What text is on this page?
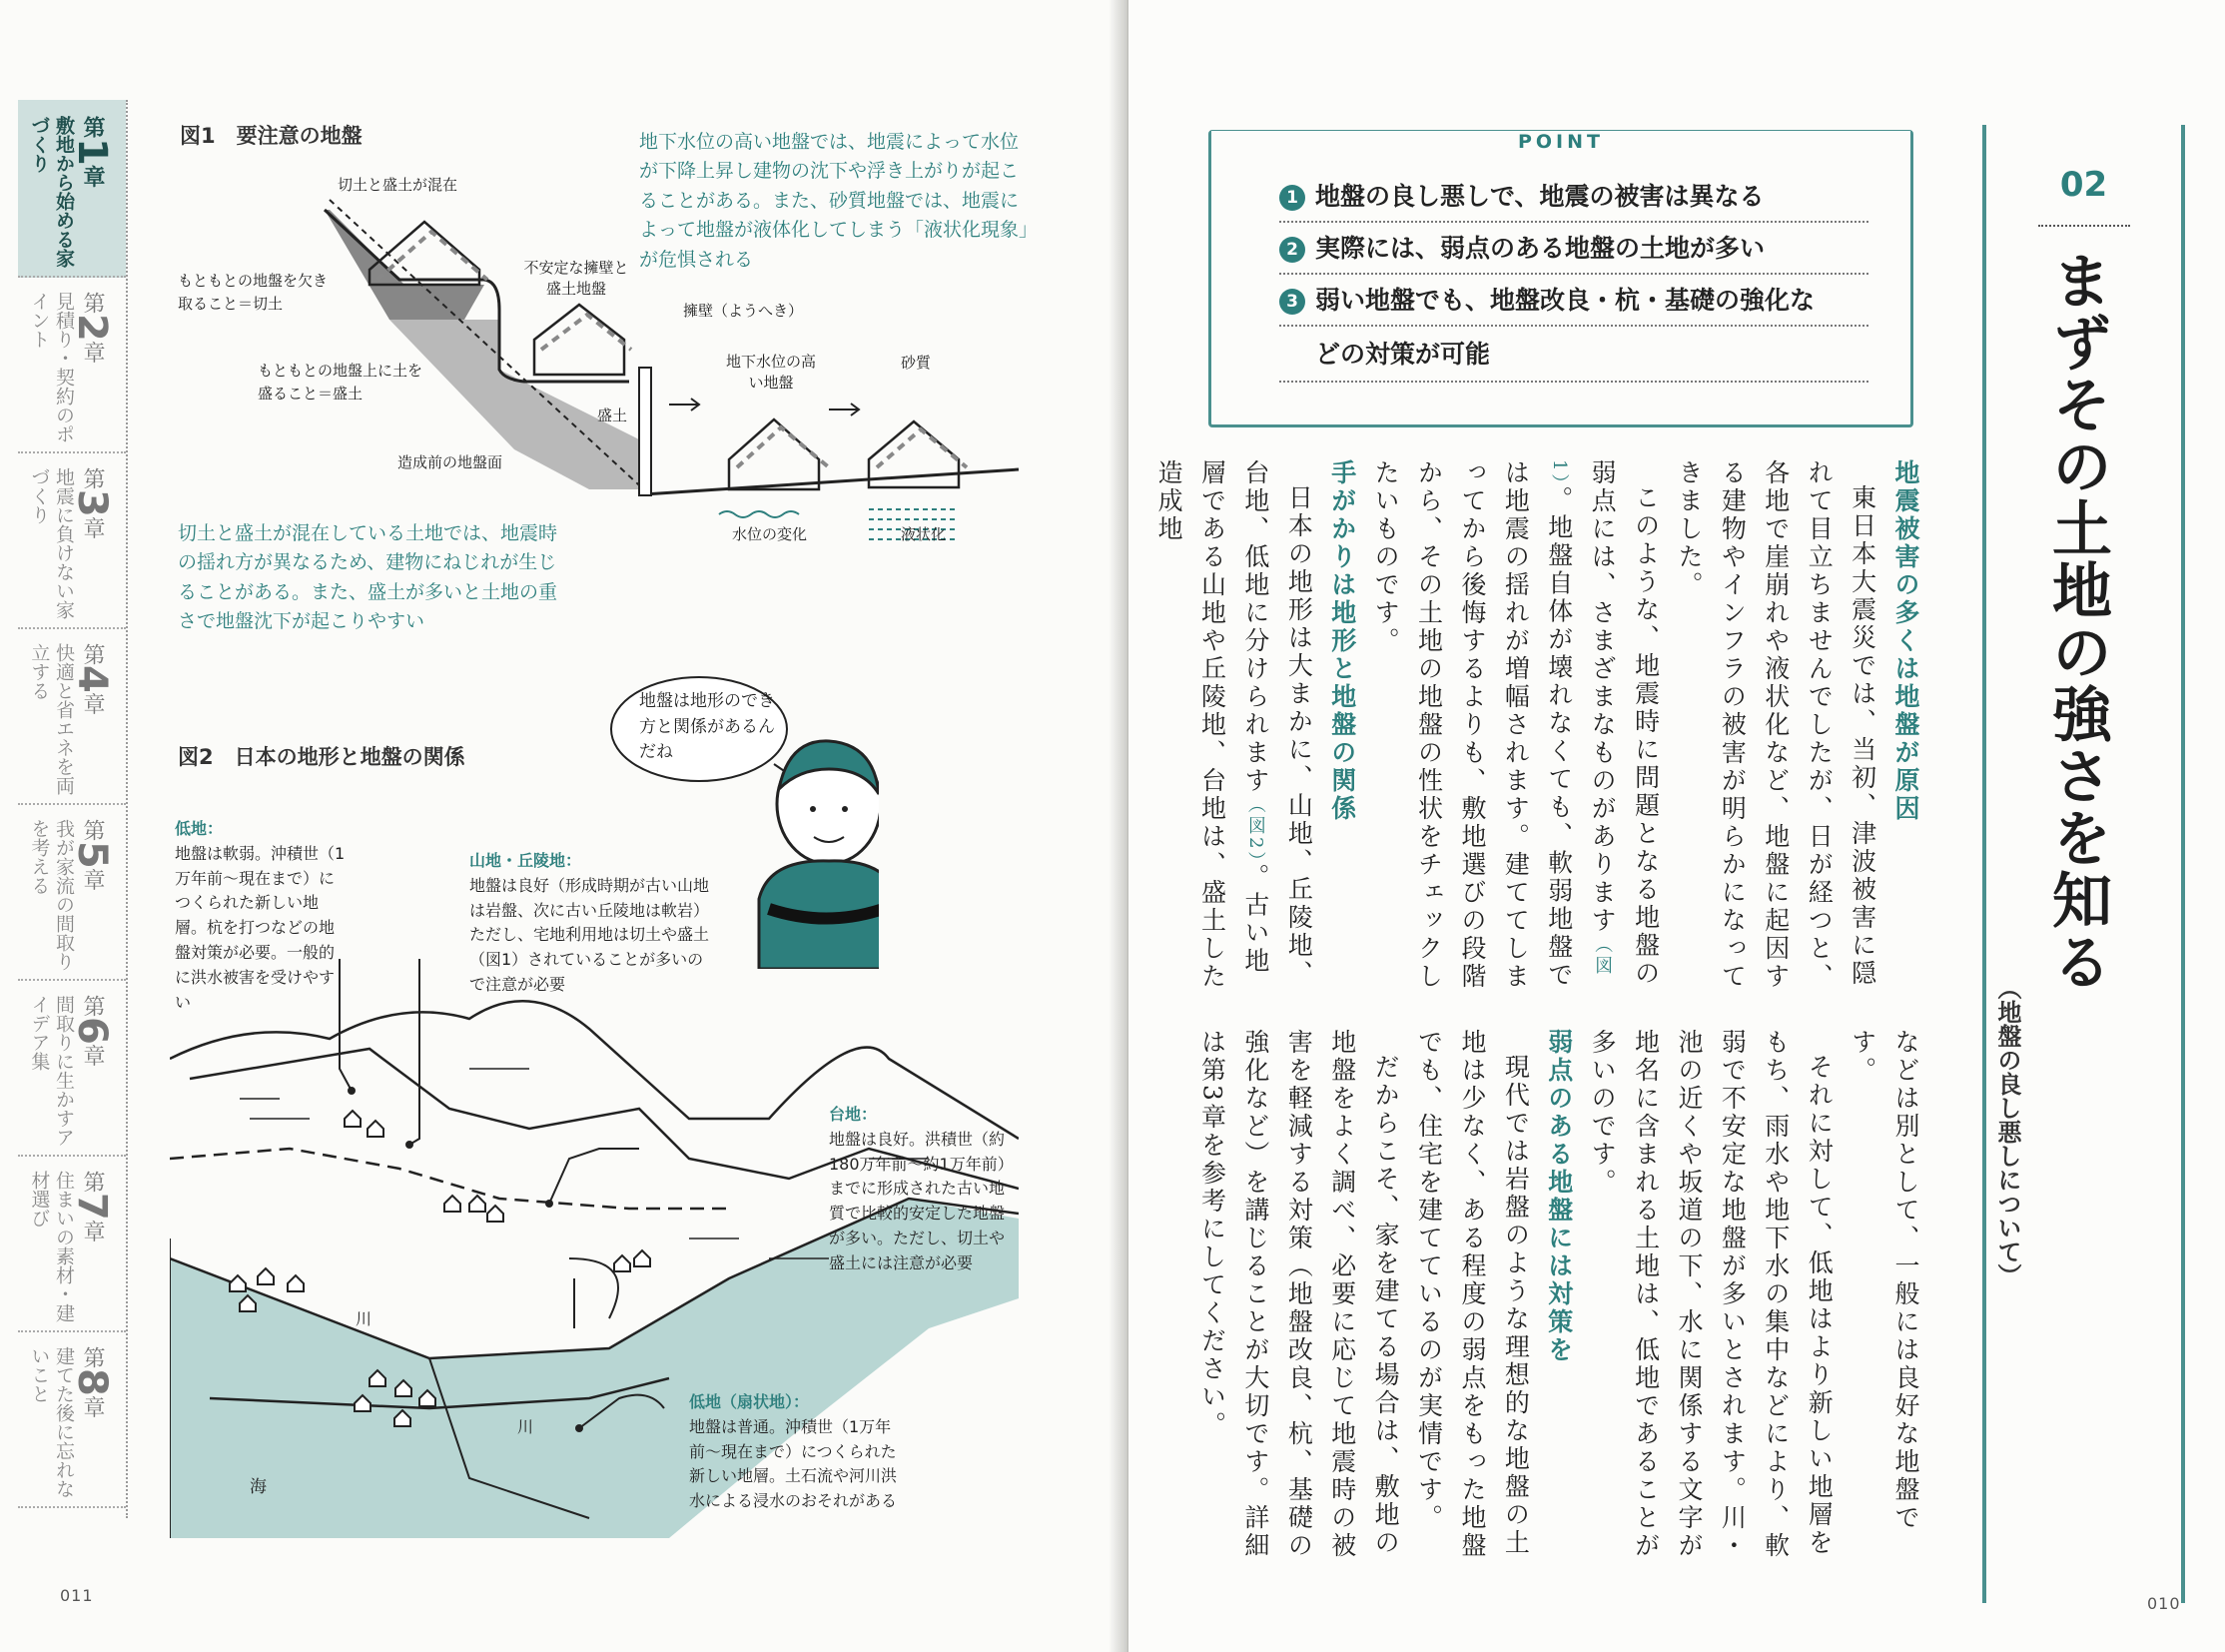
第1章
敷地から始める家づくり
第2章
見積り・契約のポイント
第3章
地震に負けない家づくり
第4章
快適と省エネを両立する
第5章
我が家流の間取りを考える
第6章
間取りに生かすアイデア集
第7章
住まいの素材・建材選び
第8章
建てた後に忘れないこと
図1　 要注意の地盤	地下水位の高い地盤では、地震によって水位が下降上昇し建物の沈下や浮き上がりが起こることがある。また、砂質地盤では、地震によって地盤が液体化してしまう「液状化現象」が危惧される
切土と盛土が混在
もともとの地盤を欠き取ること＝切土
不安定な擁壁と盛土地盤
擁壁（ようへき）
もともとの地盤上に土を盛ること＝盛土
盛土
造成前の地盤面
地下水位の高い地盤
砂質
水位の変化	液状化
切土と盛土が混在している土地では、地震時の揺れ方が異なるため、建物にねじれが生じることがある。また、盛土が多いと土地の重さで地盤沈下が起こりやすい
図2　 日本の地形と地盤の関係
地盤は地形のでき方と関係があるんだね
低地：
地盤は軟弱。沖積世（1万年前〜現在まで）につくられた新しい地層。杭を打つなどの地盤対策が必要。一般的に洪水被害を受けやすい
山地・丘陵地：
地盤は良好（形成時期が古い山地は岩盤、次に古い丘陵地は軟岩）ただし、宅地利用地は切土や盛土（図1）されていることが多いので注意が必要
台地：
地盤は良好。洪積世（約180万年前〜約1万年前）までに形成された古い地質で比較的安定した地盤が多い。ただし、切土や盛土には注意が必要
低地（扇状地）：
地盤は普通。沖積世（1万年前〜現在まで）につくられた新しい地層。土石流や河川洪水による浸水のおそれがある
川
川
海
011
POINT
1 地盤の良し悪しで、地震の被害は異なる
2 実際には、弱点のある地盤の土地が多い
3 弱い地盤でも、地盤改良・杭・基礎の強化な
どの対策が可能
02
まずその土地の強さを知る
（地盤の良し悪しについて）

地震被害の多くは地盤が原因

東日本大震災では、当初、津波被害に隠れて目立ちませんでしたが、日が経つと、各地で崖崩れや液状化など、地盤に起因する建物やインフラの被害が明らかになってきました。

このような、地震時に問題となる地盤の弱点には、さまざまなものがあります（図1）。地盤自体が壊れなくても、軟弱地盤では地震の揺れが増幅されます。建ててしまってから後悔するよりも、敷地選びの段階から、その土地の地盤の性状をチェックしたいものです。

手がかりは地形と地盤の関係

日本の地形は大まかに、山地、丘陵地、台地、低地に分けられます（図2）。古い地層である山地や丘陵地、台地は、盛土した造成地

などは別として、一般には良好な地盤です。

それに対して、低地はより新しい地層をもち、雨水や地下水の集中などにより、軟弱で不安定な地盤が多いとされます。川・池の近くや坂道の下、水に関係する文字が地名に含まれる土地は、低地であることが多いのです。

弱点のある地盤には対策を

現代では岩盤のような理想的な地盤の土地は少なく、ある程度の弱点をもった地盤でも、住宅を建てているのが実情です。

だからこそ、家を建てる場合は、敷地の地盤をよく調べ、必要に応じて地震時の被害を軽減する対策（地盤改良、杭、基礎の強化など）を講じることが大切です。詳細は第3章を参考にしてください。

010
